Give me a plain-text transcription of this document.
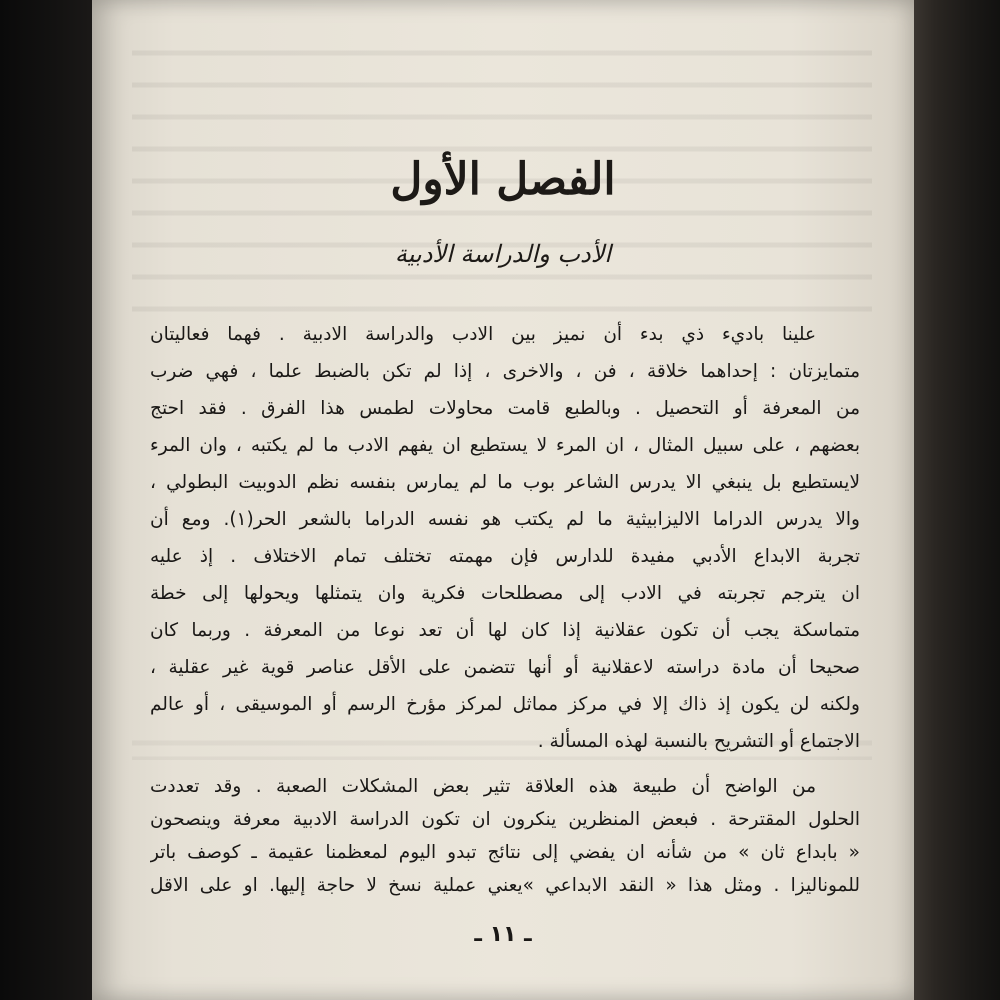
الفصل الأول
الأدب والدراسة الأدبية
علينا باديء ذي بدء أن نميز بين الادب والدراسة الادبية . فهما فعاليتان
متمايزتان : إحداهما خلاقة ، فن ، والاخرى ، إذا لم تكن بالضبط علما ، فهي ضرب
من المعرفة أو التحصيل . وبالطبع قامت محاولات لطمس هذا الفرق . فقد احتج
بعضهم ، على سبيل المثال ، ان المرء لا يستطيع ان يفهم الادب ما لم يكتبه ، وان المرء
لايستطيع بل ينبغي الا يدرس الشاعر بوب ما لم يمارس بنفسه نظم الدوبيت البطولي ،
والا يدرس الدراما الاليزابيثية ما لم يكتب هو نفسه الدراما بالشعر الحر(١). ومع أن
تجربة الابداع الأدبي مفيدة للدارس فإن مهمته تختلف تمام الاختلاف . إذ عليه
ان يترجم تجربته في الادب إلى مصطلحات فكرية وان يتمثلها ويحولها إلى خطة
متماسكة يجب أن تكون عقلانية إذا كان لها أن تعد نوعا من المعرفة . وربما كان
صحيحا أن مادة دراسته لاعقلانية أو أنها تتضمن على الأقل عناصر قوية غير عقلية ،
ولكنه لن يكون إذ ذاك إلا في مركز مماثل لمركز مؤرخ الرسم أو الموسيقى ، أو عالم
الاجتماع أو التشريح بالنسبة لهذه المسألة .
من الواضح أن طبيعة هذه العلاقة تثير بعض المشكلات الصعبة . وقد تعددت
الحلول المقترحة . فبعض المنظرين ينكرون ان تكون الدراسة الادبية معرفة وينصحون
« بابداع ثان » من شأنه ان يفضي إلى نتائج تبدو اليوم لمعظمنا عقيمة ـ كوصف باتر
للموناليزا . ومثل هذا « النقد الابداعي »يعني عملية نسخ لا حاجة إليها. او على الاقل
ـ ١١ ـ
